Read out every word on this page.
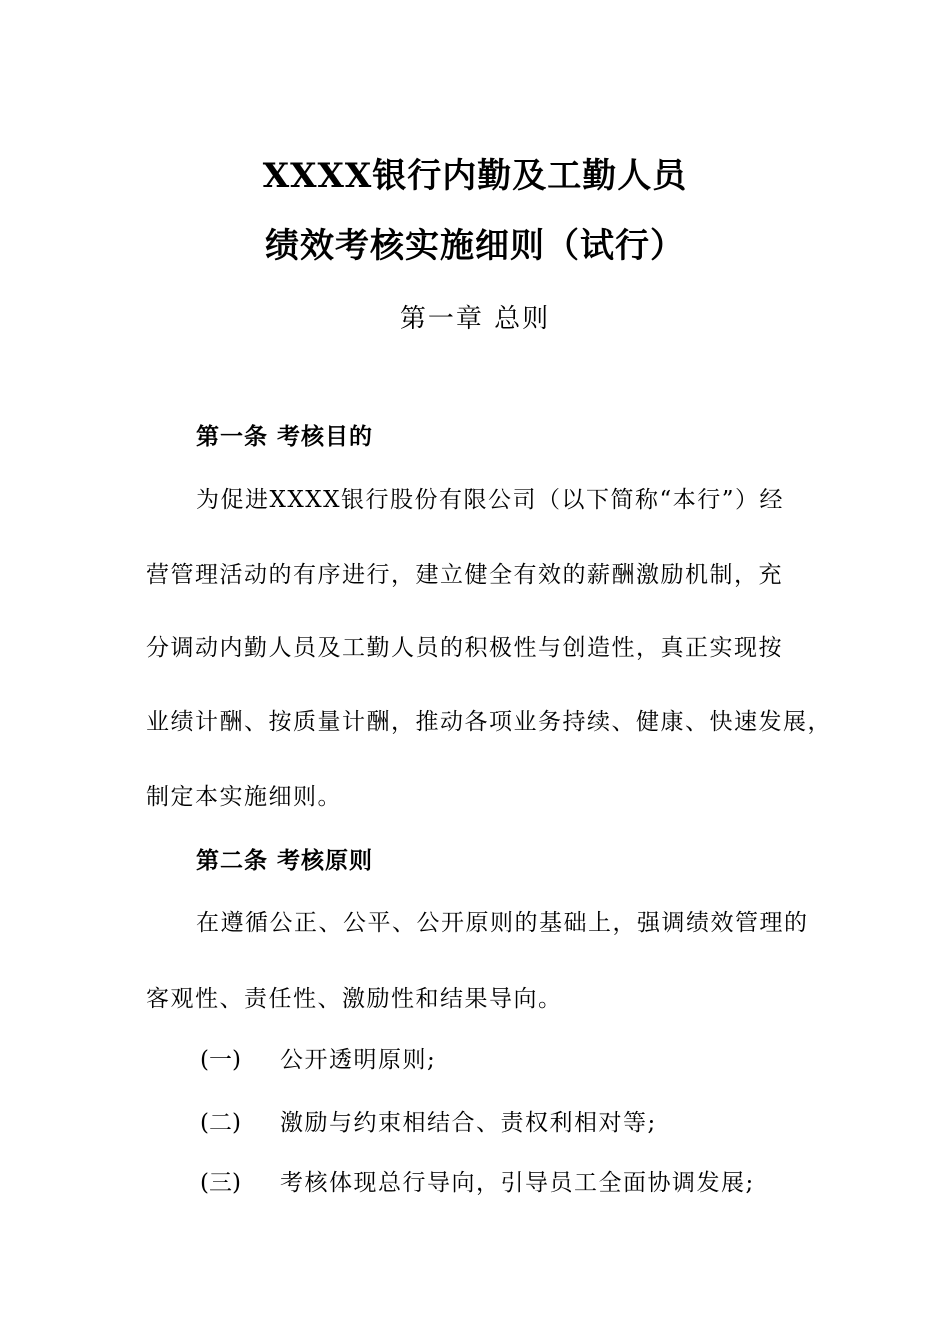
XXXX银行内勤及工勤人员
绩效考核实施细则（试行）
第一章 总则
第一条 考核目的
为促进XXXX银行股份有限公司（以下简称“本行”）经
营管理活动的有序进行，建立健全有效的薪酬激励机制，充
分调动内勤人员及工勤人员的积极性与创造性，真正实现按
业绩计酬、按质量计酬，推动各项业务持续、健康、快速发展，
制定本实施细则。
第二条 考核原则
在遵循公正、公平、公开原则的基础上，强调绩效管理的
客观性、责任性、激励性和结果导向。
(一) 公开透明原则;
(二) 激励与约束相结合、责权利相对等;
(三) 考核体现总行导向，引导员工全面协调发展;
